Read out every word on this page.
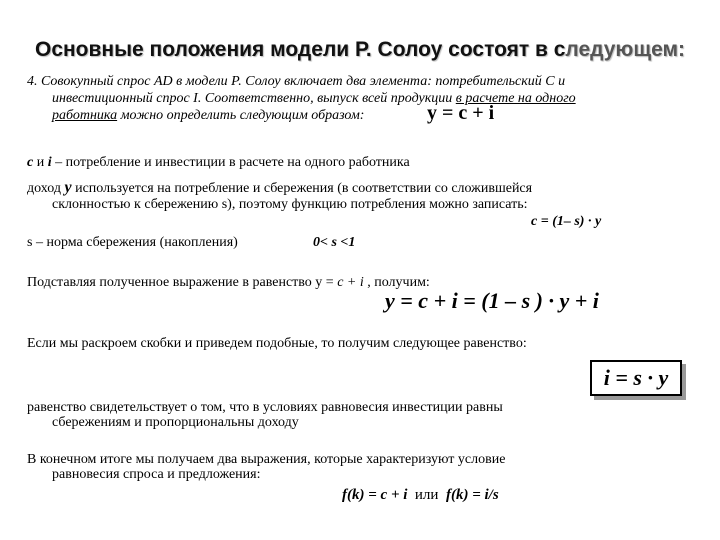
Основные положения модели Р. Солоу состоят в следующем:
4. Совокупный спрос AD в модели Р. Солоу включает два элемента: потребительский C и
инвестиционный спрос I. Соответственно, выпуск всей продукции в расчете на одного
работника можно определить следующим образом:	y = c + i
c и i – потребление и инвестиции в расчете на одного работника
доход y используется на потребление и сбережения (в соответствии со сложившейся
склонностью к сбережению s), поэтому функцию потребления можно записать:
c = (1– s) · y
s – норма сбережения (накопления)	0< s <1
Подставляя полученное выражение в равенство y = c + i , получим:
y = c + i = (1 – s ) · y + i
Если мы раскроем скобки и приведем подобные, то получим следующее равенство:
i = s · y
равенство свидетельствует о том, что в условиях равновесия инвестиции равны
сбережениям и пропорциональны доходу
В конечном итоге мы получаем два выражения, которые характеризуют условие
равновесия спроса и предложения:
f(k) = c + i или f(k) = i/s
